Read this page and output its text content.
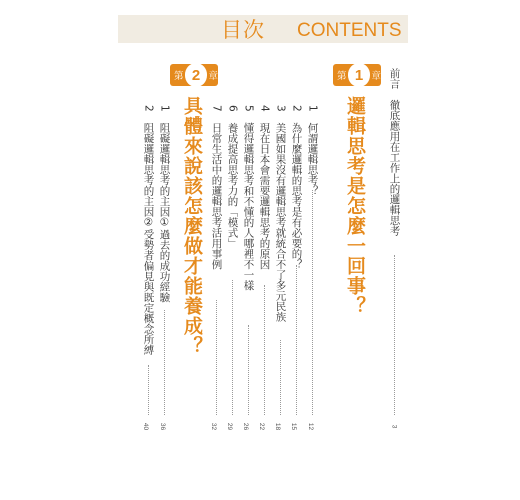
目次 CONTENTS
前言　徹底應用在工作上的邏輯思考
3
第 1 章
邏輯思考是怎麼一回事？
1　何謂邏輯思考？
2　為什麼邏輯的思考是有必要的？
3　美國如果沒有邏輯思考就統合不了多元民族
4　現在日本會需要邏輯思考的原因
5　懂得邏輯思考和不懂的人哪裡不一樣
6　養成提高思考力的「模式」
7　日常生活中的邏輯思考活用事例
12
15
18
22
26
29
32
第 2 章
具體來說該怎麼做才能養成？
1　阻礙邏輯思考的主因①過去的成功經驗
2　阻礙邏輯思考的主因②受勢者偏見與既定概念所縛
36
40
